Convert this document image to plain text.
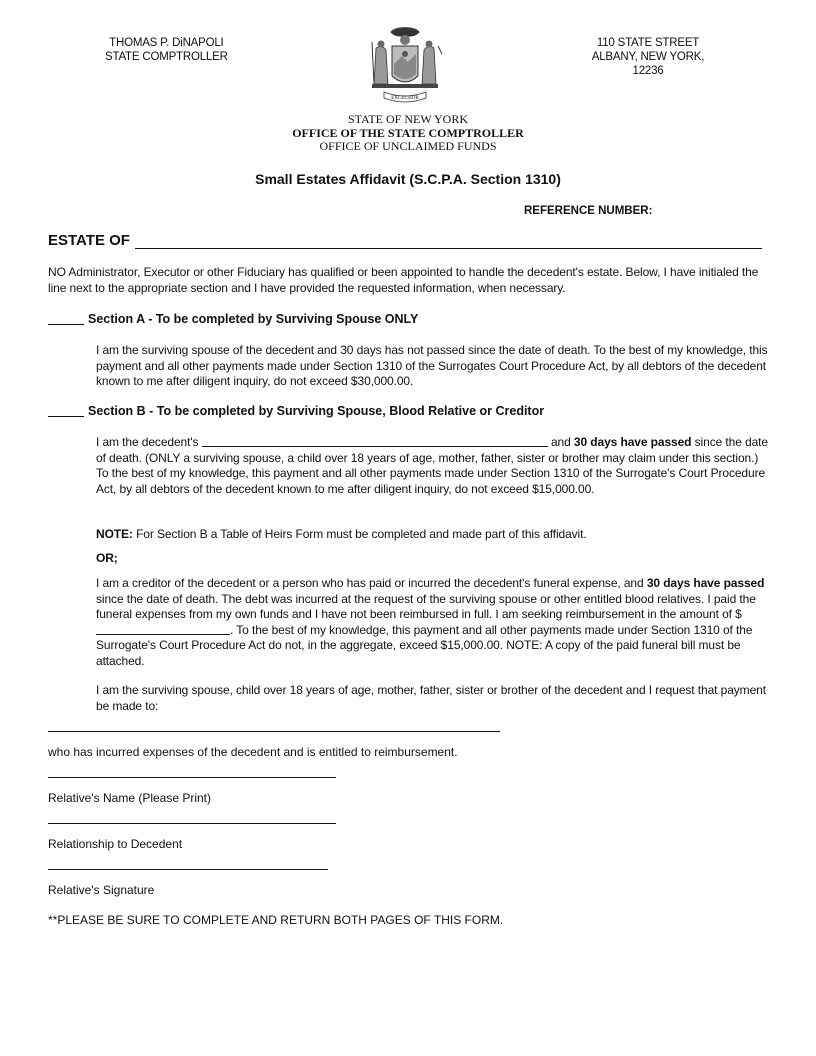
THOMAS P. DiNAPOLI
STATE COMPTROLLER
EXCELSIOR
110 STATE STREET
ALBANY, NEW YORK, 12236
STATE OF NEW YORK
OFFICE OF THE STATE COMPTROLLER
OFFICE OF UNCLAIMED FUNDS
Small Estates Affidavit (S.C.P.A. Section 1310)
REFERENCE NUMBER:
ESTATE OF
NO Administrator, Executor or other Fiduciary has qualified or been appointed to handle the decedent's estate. Below, I have initialed the line next to the appropriate section and I have provided the requested information, when necessary.
Section A - To be completed by Surviving Spouse ONLY
I am the surviving spouse of the decedent and 30 days has not passed since the date of death. To the best of my knowledge, this payment and all other payments made under Section 1310 of the Surrogates Court Procedure Act, by all debtors of the decedent known to me after diligent inquiry, do not exceed $30,000.00.
Section B - To be completed by Surviving Spouse, Blood Relative or Creditor
I am the decedent's	and 30 days have passed since the date of death. (ONLY a surviving spouse, a child over 18 years of age, mother, father, sister or brother may claim under this section.) To the best of my knowledge, this payment and all other payments made under Section 1310 of the Surrogate's Court Procedure Act, by all debtors of the decedent known to me after diligent inquiry, do not exceed $15,000.00.
NOTE: For Section B a Table of Heirs Form must be completed and made part of this affidavit.
OR;
I am a creditor of the decedent or a person who has paid or incurred the decedent's funeral expense, and 30 days have passed since the date of death. The debt was incurred at the request of the surviving spouse or other entitled blood relatives. I paid the funeral expenses from my own funds and I have not been reimbursed in full. I am seeking reimbursement in the amount of $. To the best of my knowledge, this payment and all other payments made under Section 1310 of the Surrogate's Court Procedure Act do not, in the aggregate, exceed $15,000.00. NOTE: A copy of the paid funeral bill must be attached.
I am the surviving spouse, child over 18 years of age, mother, father, sister or brother of the decedent and I request that payment be made to:
who has incurred expenses of the decedent and is entitled to reimbursement.
Relative's Name (Please Print)
Relationship to Decedent
Relative's Signature
**PLEASE BE SURE TO COMPLETE AND RETURN BOTH PAGES OF THIS FORM.
